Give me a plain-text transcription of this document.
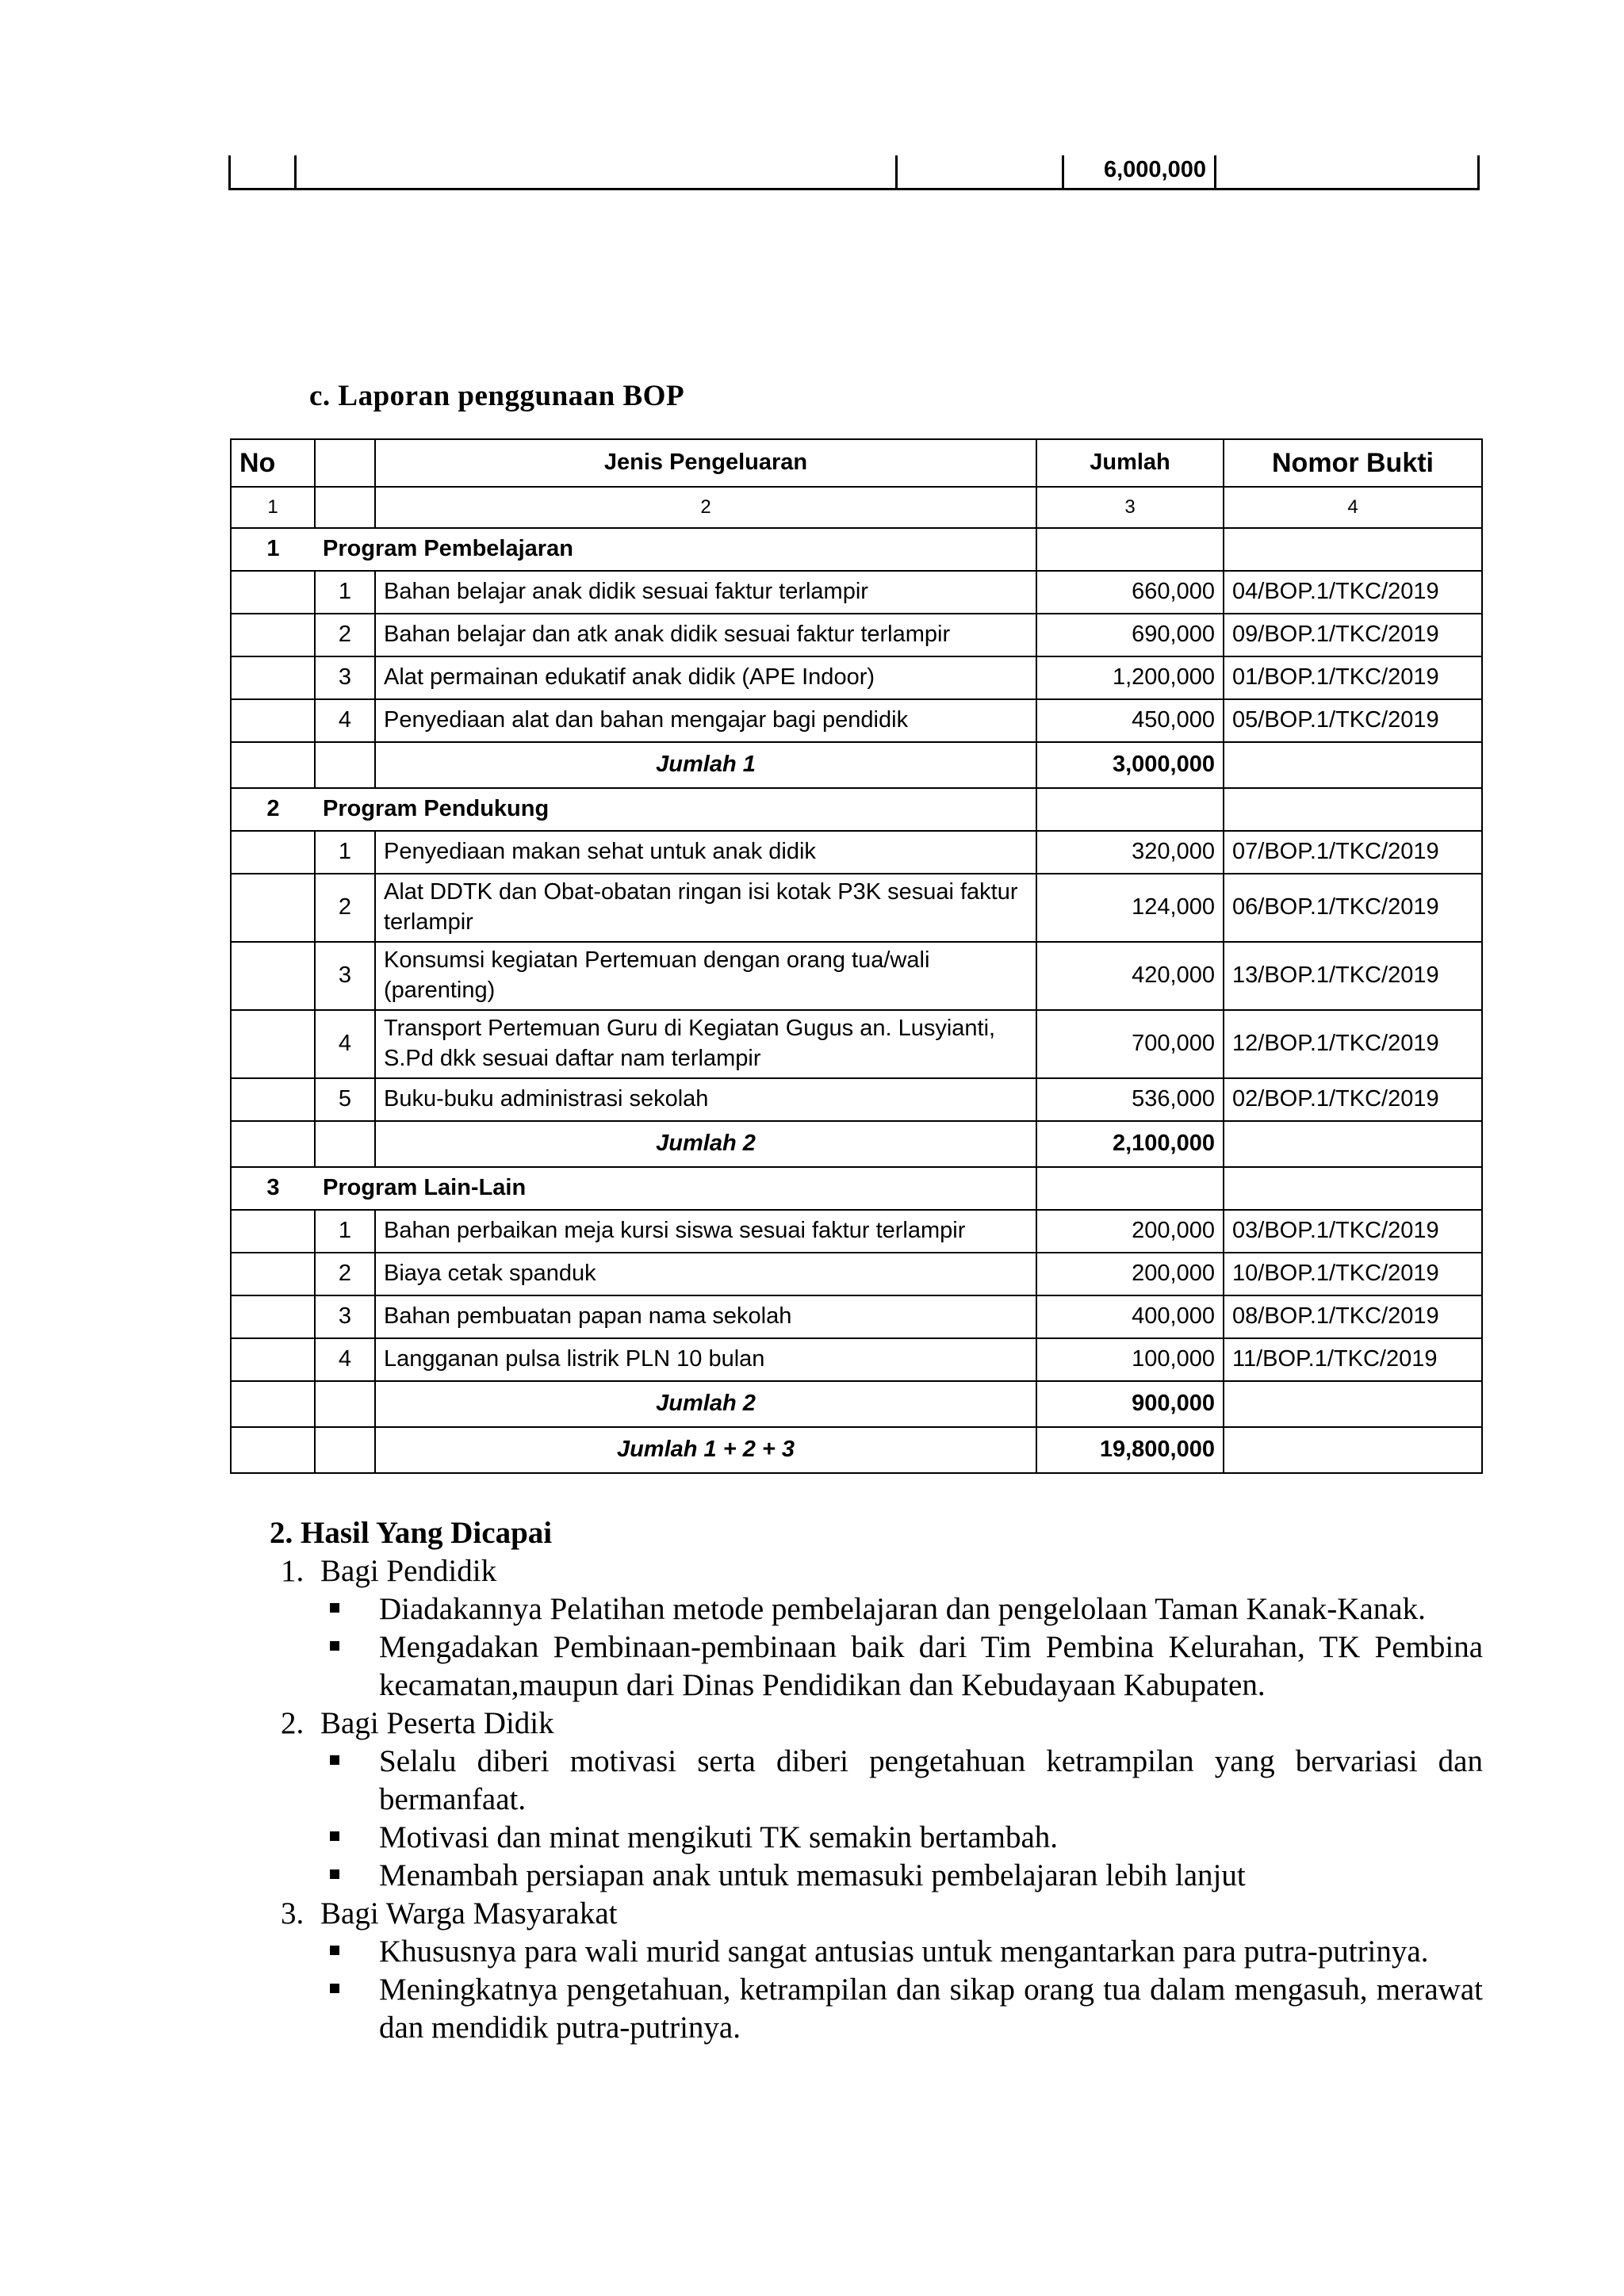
6,000,000
c. Laporan penggunaan BOP
No		Jenis Pengeluaran	Jumlah	Nomor Bukti
1		2	3	4
1	Program Pembelajaran			
	1	Bahan belajar anak didik sesuai faktur terlampir	660,000	04/BOP.1/TKC/2019
	2	Bahan belajar dan atk anak didik sesuai faktur terlampir	690,000	09/BOP.1/TKC/2019
	3	Alat permainan edukatif anak didik (APE Indoor)	1,200,000	01/BOP.1/TKC/2019
	4	Penyediaan alat dan bahan mengajar bagi pendidik	450,000	05/BOP.1/TKC/2019
		Jumlah 1	3,000,000	
2	Program Pendukung			
	1	Penyediaan makan sehat untuk anak didik	320,000	07/BOP.1/TKC/2019
	2	Alat DDTK dan Obat-obatan ringan isi kotak P3K sesuai faktur terlampir	124,000	06/BOP.1/TKC/2019
	3	Konsumsi kegiatan Pertemuan dengan orang tua/wali (parenting)	420,000	13/BOP.1/TKC/2019
	4	Transport Pertemuan Guru di Kegiatan Gugus an. Lusyianti, S.Pd dkk sesuai daftar nam terlampir	700,000	12/BOP.1/TKC/2019
	5	Buku-buku administrasi sekolah	536,000	02/BOP.1/TKC/2019
		Jumlah 2	2,100,000	
3	Program Lain-Lain			
	1	Bahan perbaikan meja kursi siswa sesuai faktur terlampir	200,000	03/BOP.1/TKC/2019
	2	Biaya cetak spanduk	200,000	10/BOP.1/TKC/2019
	3	Bahan pembuatan papan nama sekolah	400,000	08/BOP.1/TKC/2019
	4	Langganan pulsa listrik PLN 10 bulan	100,000	11/BOP.1/TKC/2019
		Jumlah 2	900,000	
		Jumlah 1 + 2 + 3	19,800,000	
2. Hasil Yang Dicapai
1. Bagi Pendidik
Diadakannya Pelatihan metode pembelajaran dan pengelolaan Taman Kanak-Kanak.
Mengadakan Pembinaan-pembinaan baik dari Tim Pembina Kelurahan, TK Pembina kecamatan,maupun dari Dinas Pendidikan dan Kebudayaan Kabupaten.
2. Bagi Peserta Didik
Selalu diberi motivasi serta diberi pengetahuan ketrampilan yang bervariasi dan bermanfaat.
Motivasi dan minat mengikuti TK semakin bertambah.
Menambah persiapan anak untuk memasuki pembelajaran lebih lanjut
3. Bagi Warga Masyarakat
Khususnya para wali murid sangat antusias untuk mengantarkan para putra-putrinya.
Meningkatnya pengetahuan, ketrampilan dan sikap orang tua dalam mengasuh, merawat dan mendidik putra-putrinya.
